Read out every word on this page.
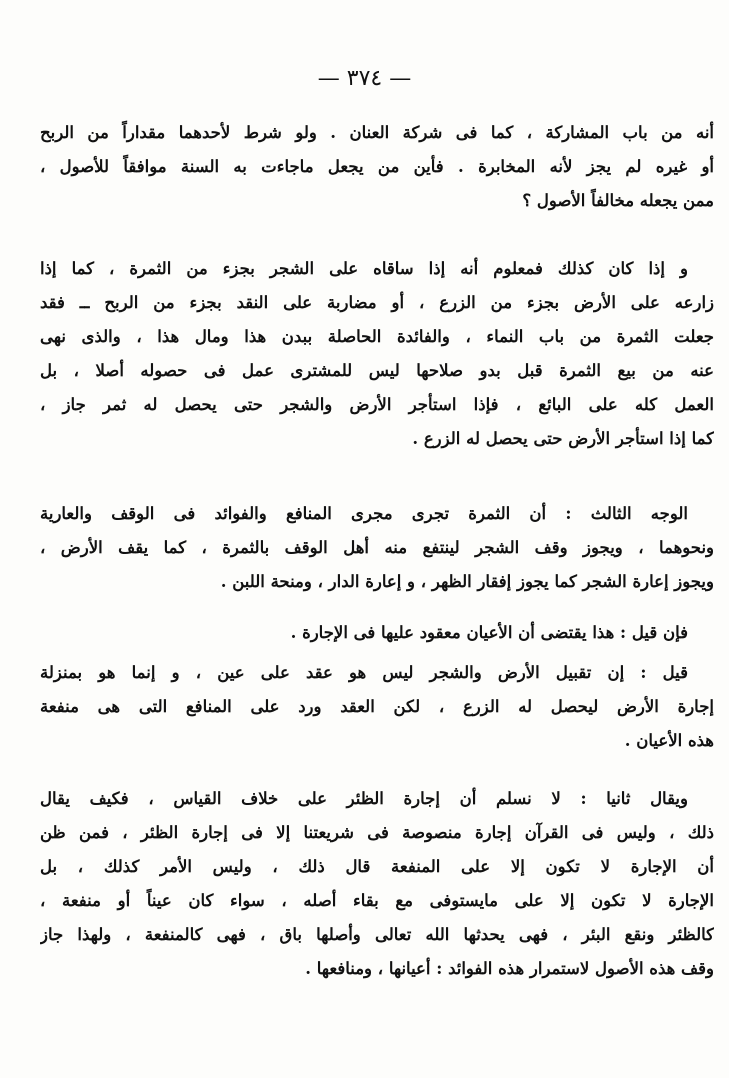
— ٣٧٤ —
أنه من باب المشاركة ، كما فى شركة العنان . ولو شرط لأحدهما مقداراً من الربح
أو غيره لم يجز لأنه المخابرة . فأين من يجعل ماجاءت به السنة موافقاً للأصول ،
ممن يجعله مخالفاً الأصول ؟
و إذا كان كذلك فمعلوم أنه إذا ساقاه على الشجر بجزء من الثمرة ، كما إذا
زارعه على الأرض بجزء من الزرع ، أو مضاربة على النقد بجزء من الربح ــ فقد
جعلت الثمرة من باب النماء ، والفائدة الحاصلة ببدن هذا ومال هذا ، والذى نهى
عنه من بيع الثمرة قبل بدو صلاحها ليس للمشترى عمل فى حصوله أصلا ، بل
العمل كله على البائع ، فإذا استأجر الأرض والشجر حتى يحصل له ثمر جاز ،
كما إذا استأجر الأرض حتى يحصل له الزرع .
الوجه الثالث : أن الثمرة تجرى مجرى المنافع والفوائد فى الوقف والعارية
ونحوهما ، ويجوز وقف الشجر لينتفع منه أهل الوقف بالثمرة ، كما يقف الأرض ،
ويجوز إعارة الشجر كما يجوز إفقار الظهر ، و إعارة الدار ، ومنحة اللبن .
فإن قيل : هذا يقتضى أن الأعيان معقود عليها فى الإجارة .
قيل : إن تقبيل الأرض والشجر ليس هو عقد على عين ، و إنما هو بمنزلة
إجارة الأرض ليحصل له الزرع ، لكن العقد ورد على المنافع التى هى منفعة
هذه الأعيان .
ويقال ثانيا : لا نسلم أن إجارة الظئر على خلاف القياس ، فكيف يقال
ذلك ، وليس فى القرآن إجارة منصوصة فى شريعتنا إلا فى إجارة الظئر ، فمن ظن
أن الإجارة لا تكون إلا على المنفعة قال ذلك ، وليس الأمر كذلك ، بل
الإجارة لا تكون إلا على مايستوفى مع بقاء أصله ، سواء كان عيناً أو منفعة ،
كالظئر ونقع البئر ، فهى يحدثها الله تعالى وأصلها باق ، فهى كالمنفعة ، ولهذا جاز
وقف هذه الأصول لاستمرار هذه الفوائد : أعيانها ، ومنافعها .
